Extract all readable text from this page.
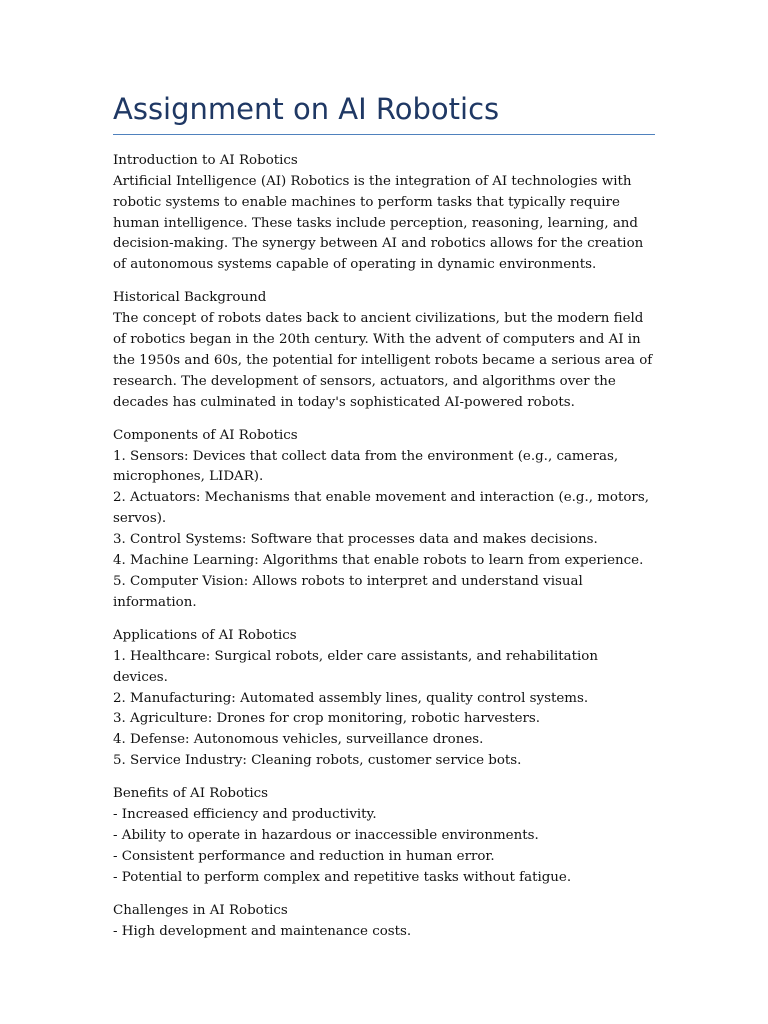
Assignment on AI Robotics
Introduction to AI Robotics

Artificial Intelligence (AI) Robotics is the integration of AI technologies with robotic systems to enable machines to perform tasks that typically require human intelligence. These tasks include perception, reasoning, learning, and decision-making. The synergy between AI and robotics allows for the creation of autonomous systems capable of operating in dynamic environments.

Historical Background

The concept of robots dates back to ancient civilizations, but the modern field of robotics began in the 20th century. With the advent of computers and AI in the 1950s and 60s, the potential for intelligent robots became a serious area of research. The development of sensors, actuators, and algorithms over the decades has culminated in today's sophisticated AI-powered robots.

Components of AI Robotics
1. Sensors: Devices that collect data from the environment (e.g., cameras, microphones, LIDAR).
2. Actuators: Mechanisms that enable movement and interaction (e.g., motors, servos).
3. Control Systems: Software that processes data and makes decisions.
4. Machine Learning: Algorithms that enable robots to learn from experience.
5. Computer Vision: Allows robots to interpret and understand visual information.
Applications of AI Robotics
1. Healthcare: Surgical robots, elder care assistants, and rehabilitation devices.
2. Manufacturing: Automated assembly lines, quality control systems.
3. Agriculture: Drones for crop monitoring, robotic harvesters.
4. Defense: Autonomous vehicles, surveillance drones.
5. Service Industry: Cleaning robots, customer service bots.
Benefits of AI Robotics
- Increased efficiency and productivity.
- Ability to operate in hazardous or inaccessible environments.
- Consistent performance and reduction in human error.
- Potential to perform complex and repetitive tasks without fatigue.
Challenges in AI Robotics
- High development and maintenance costs.
